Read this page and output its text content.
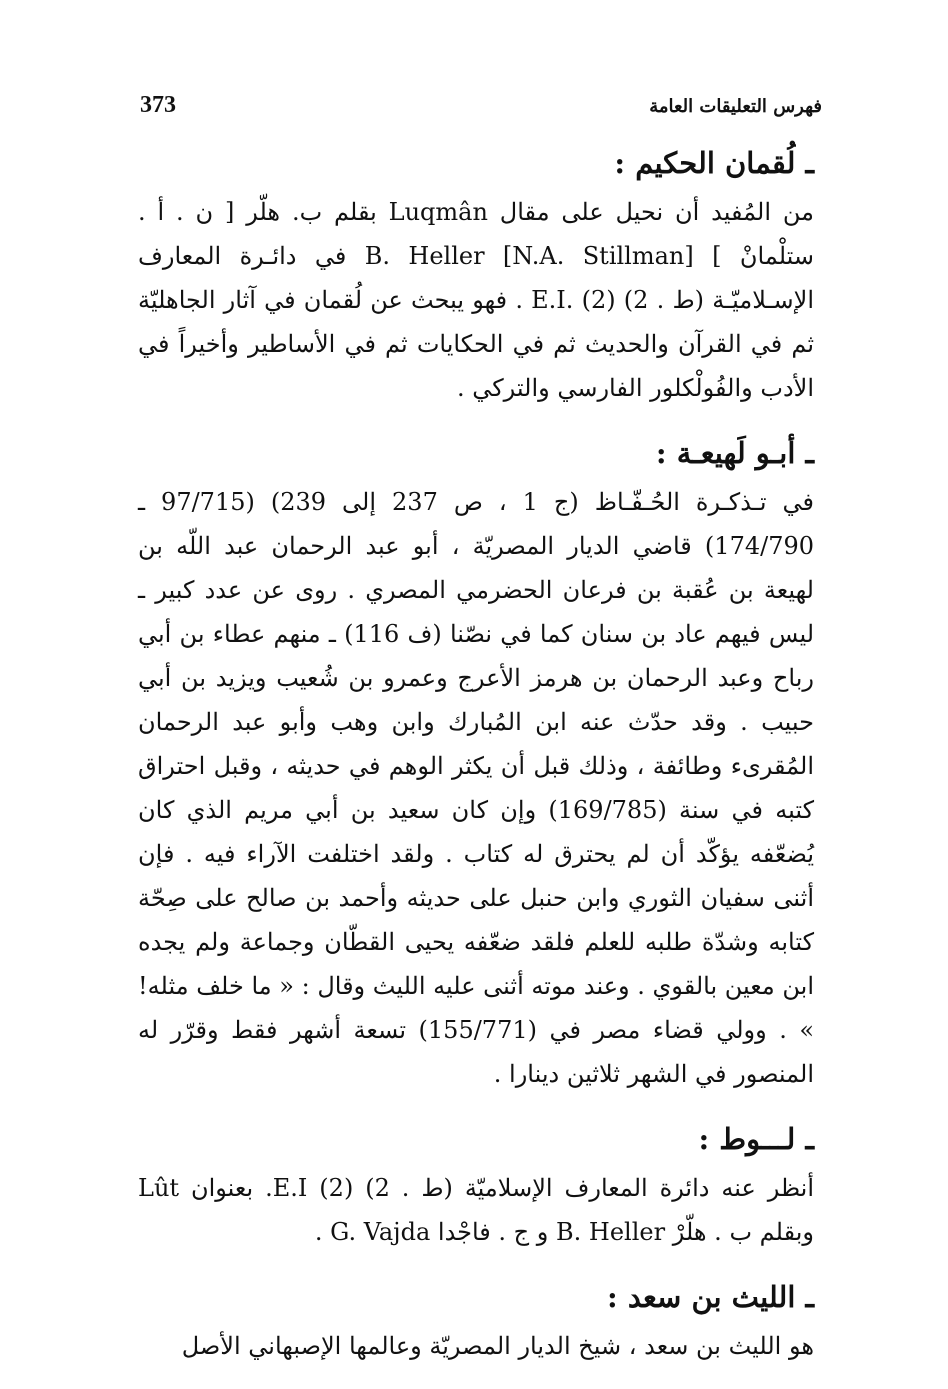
373	فهرس التعليقات العامة

ـ لُقمان الحكيم :

من المُفيد أن نحيل على مقال Luqmân بقلم ب. هلّر [ ن . أ . ستلْمانْ ] B. Heller [N.A. Stillman] في دائـرة المعارف الإسـلاميّـة (ط . 2) E.I. (2) . فهو يبحث عن لُقمان في آثار الجاهليّة ثم في القرآن والحديث ثم في الحكايات ثم في الأساطير وأخيراً في الأدب والفُولْكلور الفارسي والتركي .

ـ أبـو لَهيعـة :

في تـذكـرة الحُـفّـاظ (ج 1 ، ص 237 إلى 239) (97/715 ـ 174/790) قاضي الديار المصريّة ، أبو عبد الرحمان عبد اللّه بن لهيعة بن عُقبة بن فرعان الحضرمي المصري . روى عن عدد كبير ـ ليس فيهم عاد بن سنان كما في نصّنا (ف 116) ـ منهم عطاء بن أبي رباح وعبد الرحمان بن هرمز الأعرج وعمرو بن شُعيب ويزيد بن أبي حبيب . وقد حدّث عنه ابن المُبارك وابن وهب وأبو عبد الرحمان المُقرىء وطائفة ، وذلك قبل أن يكثر الوهم في حديثه ، وقبل احتراق كتبه في سنة (169/785) وإن كان سعيد بن أبي مريم الذي كان يُضعّفه يؤكّد أن لم يحترق له كتاب . ولقد اختلفت الآراء فيه . فإن أثنى سفيان الثوري وابن حنبل على حديثه وأحمد بن صالح على صِحّة كتابه وشدّة طلبه للعلم فلقد ضعّفه يحيى القطّان وجماعة ولم يجده ابن معين بالقوي . وعند موته أثنى عليه الليث وقال : « ما خلف مثله! » . وولي قضاء مصر في (155/771) تسعة أشهر فقط وقرّر له المنصور في الشهر ثلاثين دينارا .

ـ لـــوط :

أنظر عنه دائرة المعارف الإسلاميّة (ط . 2) (2) E.I. بعنوان Lût وبقلم ب . هلّرْ B. Heller و ج . فاجْدا G. Vajda .

ـ الليث بن سعد :

هو الليث بن سعد ، شيخ الديار المصريّة وعالمها الإصبهاني الأصل
